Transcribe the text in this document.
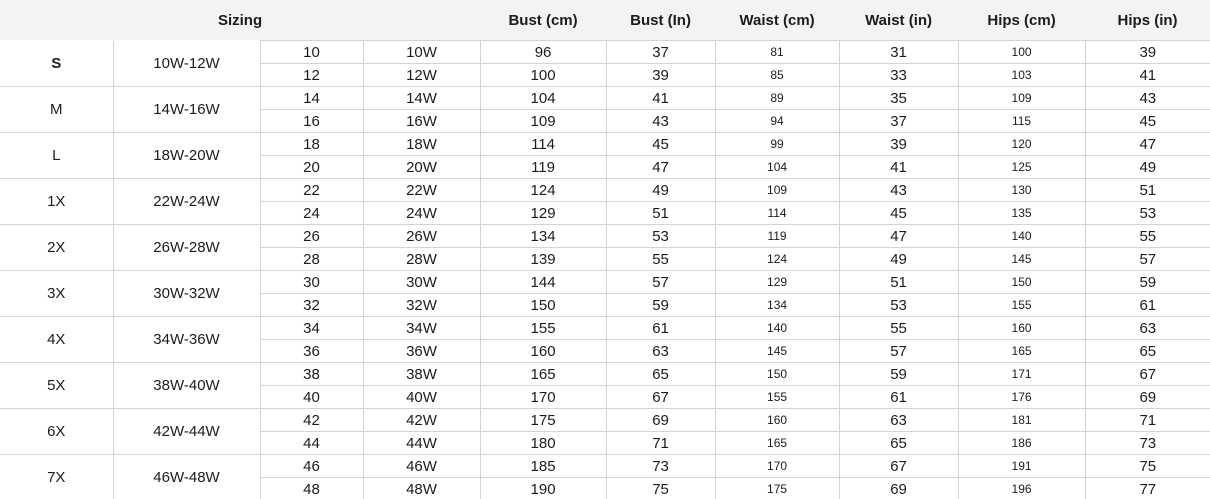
Sizing				Bust (cm)	Bust (In)	Waist (cm)	Waist (in)	Hips (cm)	Hips (in)
S	10W-12W	10	10W	96	37	81	31	100	39
		12	12W	100	39	85	33	103	41
M	14W-16W	14	14W	104	41	89	35	109	43
		16	16W	109	43	94	37	115	45
L	18W-20W	18	18W	114	45	99	39	120	47
		20	20W	119	47	104	41	125	49
1X	22W-24W	22	22W	124	49	109	43	130	51
		24	24W	129	51	114	45	135	53
2X	26W-28W	26	26W	134	53	119	47	140	55
		28	28W	139	55	124	49	145	57
3X	30W-32W	30	30W	144	57	129	51	150	59
		32	32W	150	59	134	53	155	61
4X	34W-36W	34	34W	155	61	140	55	160	63
		36	36W	160	63	145	57	165	65
5X	38W-40W	38	38W	165	65	150	59	171	67
		40	40W	170	67	155	61	176	69
6X	42W-44W	42	42W	175	69	160	63	181	71
		44	44W	180	71	165	65	186	73
7X	46W-48W	46	46W	185	73	170	67	191	75
		48	48W	190	75	175	69	196	77
